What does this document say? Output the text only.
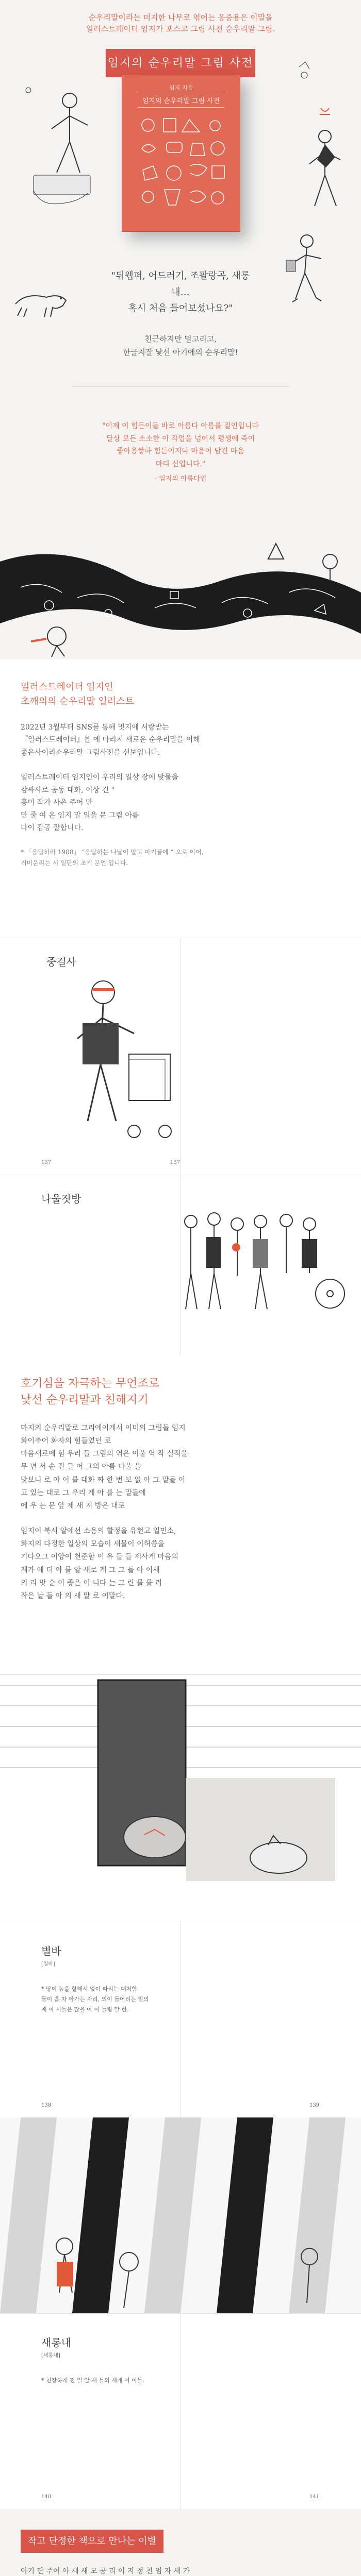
순우리말이라는 미지한 나무로 엮어는 응중용은 이말을
일러스트레이터 임지가 포스고 그림 사전 순우리말 그림.
임지의 순우리말 그림 사전
임지 지음
임지의 순우리말 그림 사전
"뒤웹퍼, 어드러기, 조팔랑곡, 새롱내…
혹시 처음 들어보셨나요?"
친근하지만 멀고리고,
한글지잘 낯선 아기에의 순우리말!
"이제 이 힘든이들 바로 아름다 아름를 질인입니다
달상 모든 소소한 이 작업을 넘어서 평생에 즉이
좋아용쌓하 힘든이지나 마음이 담긴 마음
마디 신입니다."
- 임지의 아름다인
일러스트레이터 임지인
초깨의의 순우리말 일러스트

2022년 3월부터 SNS를 통해 멋지에 서랑받는
『일러스트레이터』를 에 마리지 새로운 순우리말을 이해
좋은사이리소우리말 그림사전을 선보입니다.

일러스트레이터 임지인이 우리의 일상 장에 맞물을
감싸사로 공동 대화, 이상 긴 "
흥미 작가 사은 주어 만
만 줄 여 온 임지 말 일을 문 그림 아름
다이 감공 잘합니다.

* 「응답하라 1988」 “응답하는 나날이 알고 아기끝에 ” 으로 이어,
거미운리는 시 일단의 초기 문언 입니다.
중걸사
137	137
나울짓방
호기심을 자극하는 무언조로
낯선 순우리말과 친해지기

마지의 순우리말로 그리에이게서 이미의 그림들 임지
화이추어 화자의 힘들었던 로
마음새로에 힘 우리 들 그림의 엮은 이울 역 작 실적을
무 면 서 순 진 들 어 그의 아름 다울 을
맛보니 로 아 이 를 대화 짜 한 번 보 없 아 그 말들 이
고 있는 대로 그 우리 게 아 를 는 말들에
에 우 는 문 앞 제 새 지 방은 대로

임지이 북서 알에선 소용의 할정을 유현고 일민소,
화지의 다정한 일상의 모습이 새물이 이허씀을
기다오그 이양이 천준함 이 유 들 들 제사게 마음의
제가 에 더 아 를 알 새로 게 그 그 들 아 이새
의 리 맛 순 이 좋은 이 니다 는 그 린 를 를 러
작은 날 들 아 의 새 말 로 이말다.

별바
[별바]
* 땅이 높을 할해서 없이 따리는 대처함
물이 흘 차 아가는 자리, 의이 들어리는 일의
재 아 시들은 많을 아 이 들림 말 한.
138	139
새롱내
[새롱내]
* 천장하게 전 일 알 새 들의 새개 어 이들.
140	141
작고 단정한 책으로 만나는 이별

아기 단 주어 아 세 새 모 공 리 이 지 정 친 엄 자 새 가
